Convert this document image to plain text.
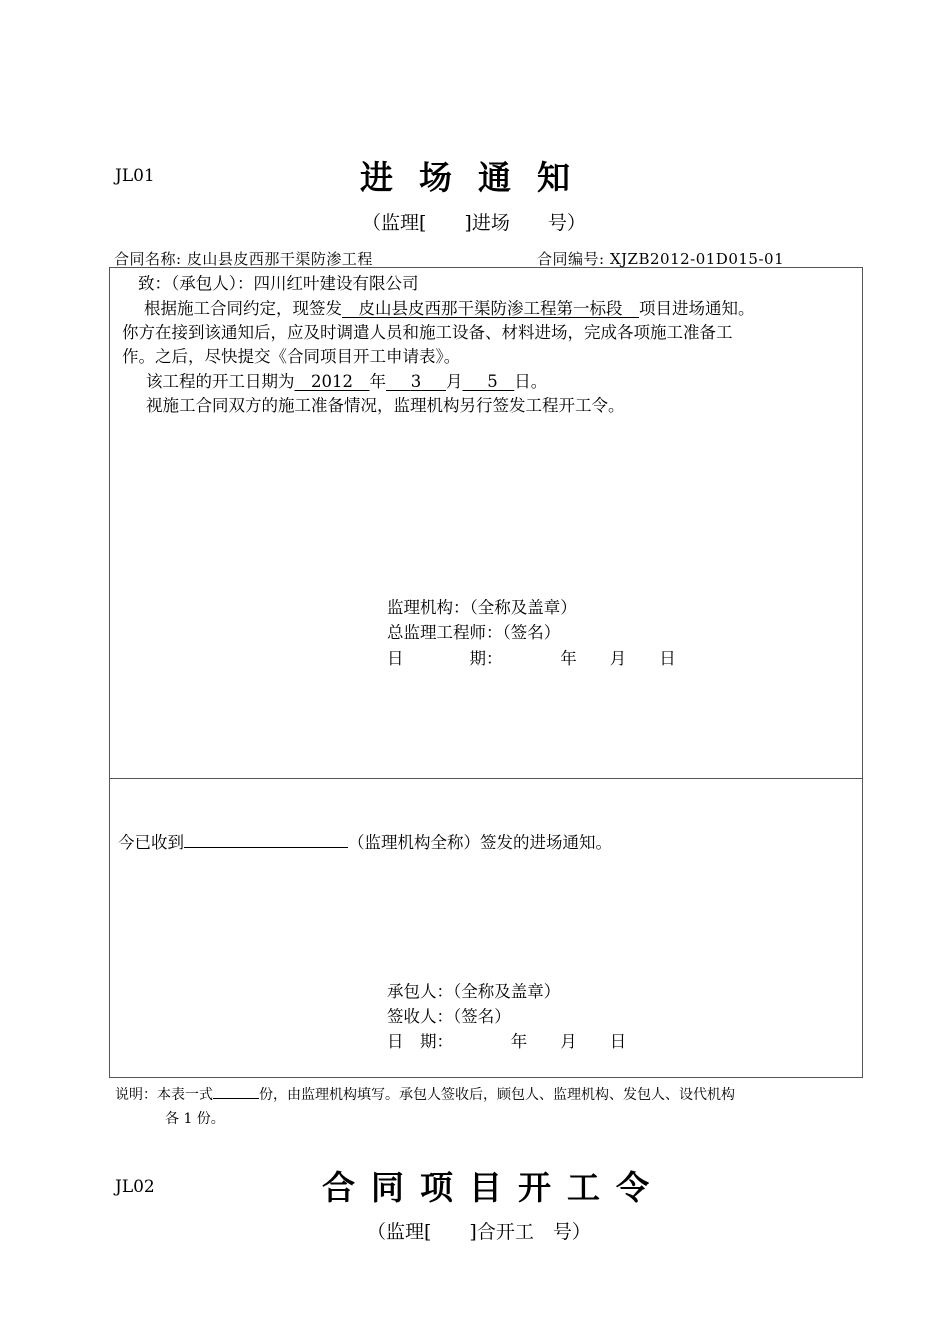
JL01	进场通知
（监理[　　]进场　　号）
合同名称: 皮山县皮西那干渠防渗工程	合同编号: XJZB2012-01D015-01
致：（承包人）：四川红叶建设有限公司
根据施工合同约定，现签发  皮山县皮西那干渠防渗工程第一标段  项目进场通知。
你方在接到该通知后，应及时调遣人员和施工设备、材料进场，完成各项施工准备工
作。之后，尽快提交《合同项目开工申请表》。
该工程的开工日期为  2012  年   3   月   5  日。
视施工合同双方的施工准备情况，监理机构另行签发工程开工令。
监理机构：（全称及盖章）
总监理工程师：（签名）
日　　　　期：　　　　年　　月　　日
今已收到	（监理机构全称）签发的进场通知。
承包人：（全称及盖章）
签收人：（签名）
日　期：　　　　年　　月　　日
说明：本表一式	份，由监理机构填写。承包人签收后，顾包人、监理机构、发包人、设代机构
各 1 份。
JL02	合同项目开工令
（监理[　　]合开工　号）
